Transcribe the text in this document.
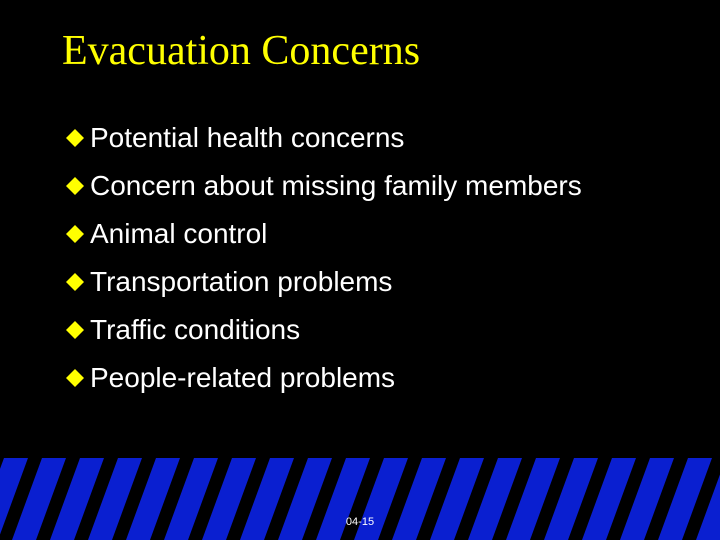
Evacuation Concerns
Potential health concerns
Concern about missing family members
Animal control
Transportation problems
Traffic conditions
People-related problems
04-15
